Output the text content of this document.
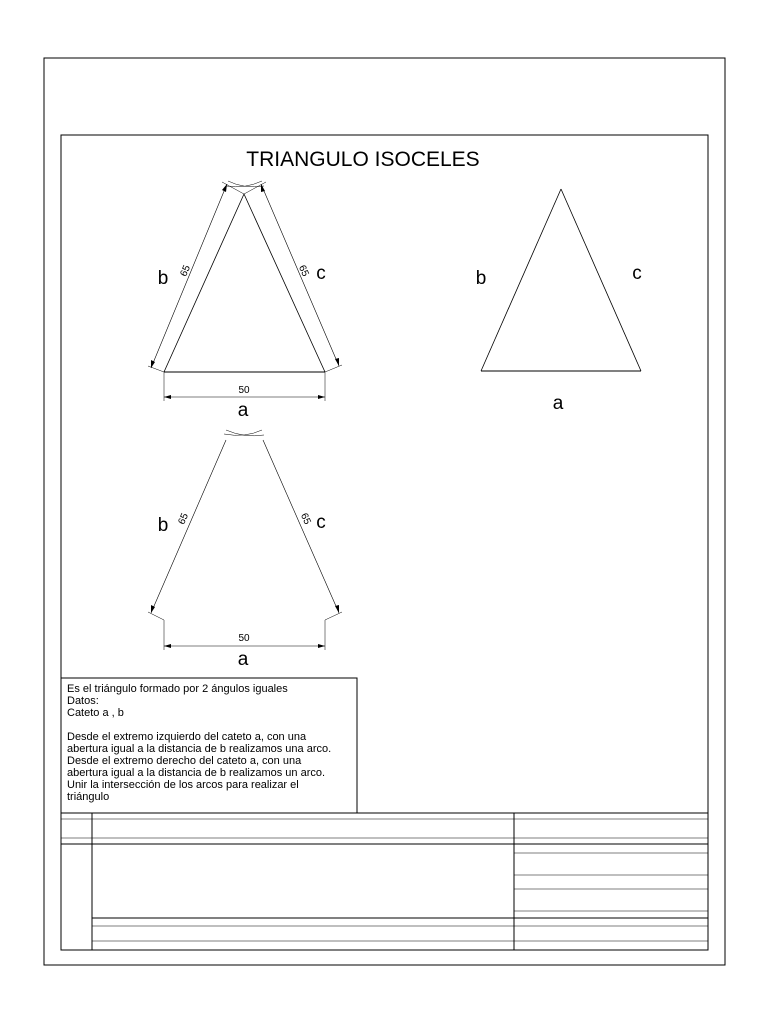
TRIANGULO ISOCELES
50
65	65
b	c
a
b	c
a
50
65	65
b	c
a
Es el triángulo formado por 2 ángulos iguales
Datos:
Cateto a , b
Desde el extremo izquierdo del cateto a, con una
abertura igual a la distancia de b realizamos una arco.
Desde el extremo derecho del cateto a, con una
abertura igual a la distancia de b realizamos un arco.
Unir la intersección de los arcos para realizar el
triángulo
